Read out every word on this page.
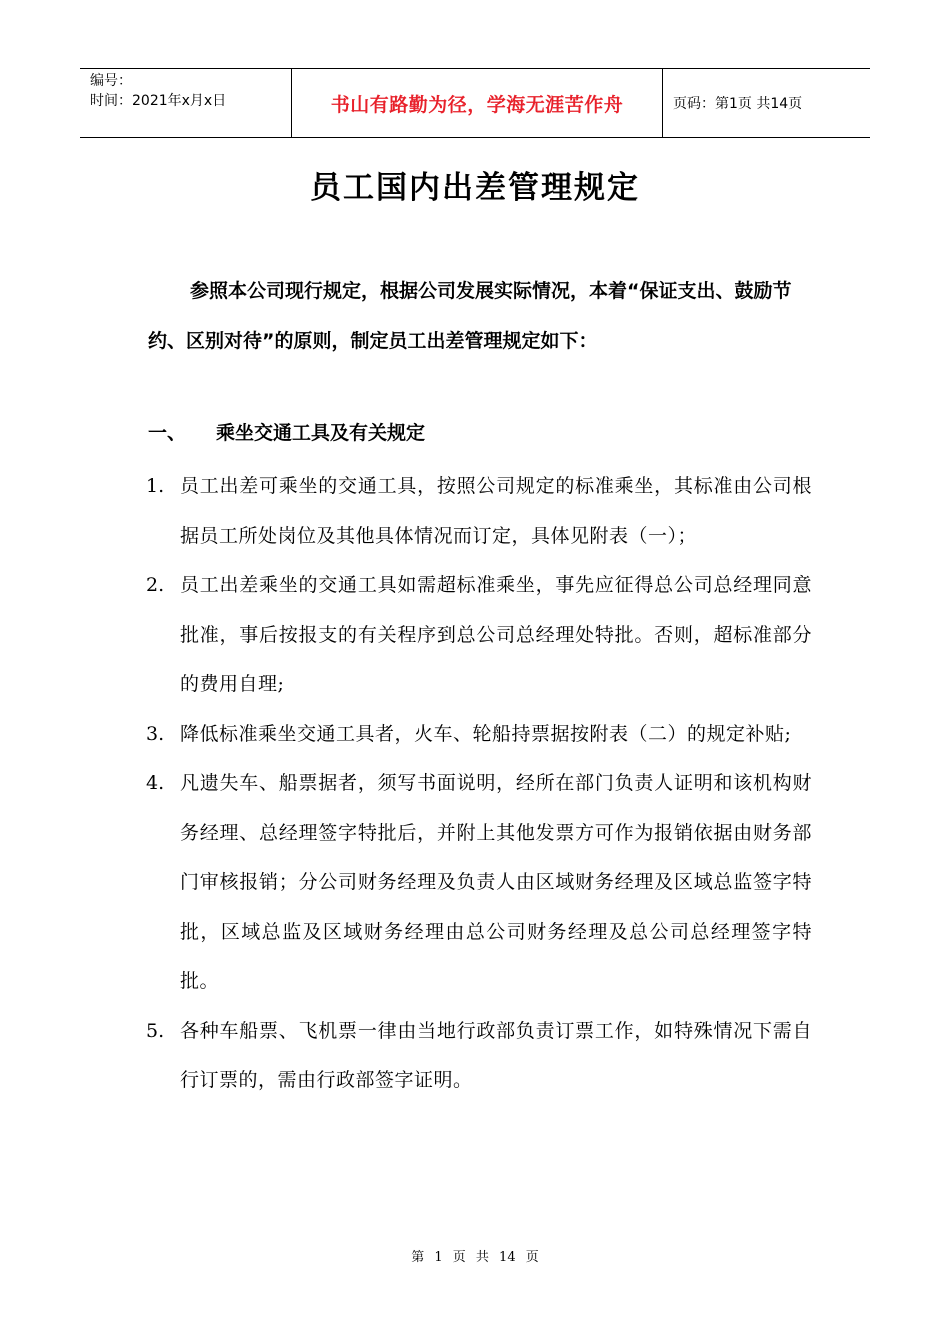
编号：
时间：2021年x月x日	书山有路勤为径，学海无涯苦作舟	页码：第1页 共14页
员工国内出差管理规定
参照本公司现行规定，根据公司发展实际情况，本着“保证支出、鼓励节约、区别对待”的原则，制定员工出差管理规定如下：
一、 乘坐交通工具及有关规定
1. 员工出差可乘坐的交通工具，按照公司规定的标准乘坐，其标准由公司根据员工所处岗位及其他具体情况而订定，具体见附表（一）；
2. 员工出差乘坐的交通工具如需超标准乘坐，事先应征得总公司总经理同意批准，事后按报支的有关程序到总公司总经理处特批。否则，超标准部分的费用自理;
3. 降低标准乘坐交通工具者，火车、轮船持票据按附表（二）的规定补贴;
4. 凡遗失车、船票据者，须写书面说明，经所在部门负责人证明和该机构财务经理、总经理签字特批后，并附上其他发票方可作为报销依据由财务部门审核报销；分公司财务经理及负责人由区域财务经理及区域总监签字特批，区域总监及区域财务经理由总公司财务经理及总公司总经理签字特批。
5. 各种车船票、飞机票一律由当地行政部负责订票工作，如特殊情况下需自行订票的，需由行政部签字证明。
第 1 页 共 14 页
